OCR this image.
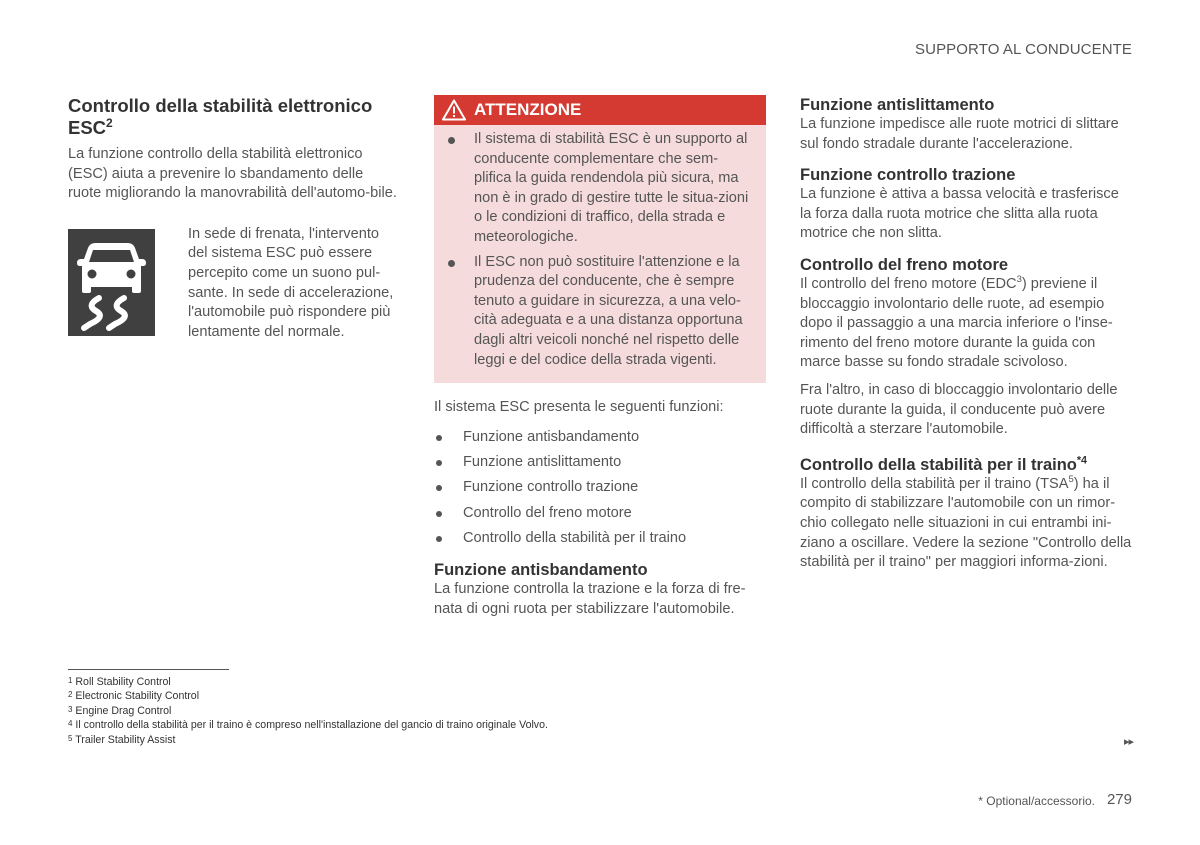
SUPPORTO AL CONDUCENTE
Controllo della stabilità elettronico ESC$^2$

La funzione controllo della stabilità elettronico (ESC) aiuta a prevenire lo sbandamento delle ruote migliorando la manovrabilità dell'automo-bile.

In sede di frenata, l'intervento del sistema ESC può essere percepito come un suono pul-sante. In sede di accelerazione, l'automobile può rispondere più lentamente del normale.

ATTENZIONE
Il sistema di stabilità ESC è un supporto al conducente complementare che sem-plifica la guida rendendola più sicura, ma non è in grado di gestire tutte le situa-zioni o le condizioni di traffico, della strada e meteorologiche.
Il ESC non può sostituire l'attenzione e la prudenza del conducente, che è sempre tenuto a guidare in sicurezza, a una velo-cità adeguata e a una distanza opportuna dagli altri veicoli nonché nel rispetto delle leggi e del codice della strada vigenti.

Il sistema ESC presenta le seguenti funzioni:

Funzione antisbandamento
Funzione antislittamento
Funzione controllo trazione
Controllo del freno motore
Controllo della stabilità per il traino
Funzione antisbandamento

La funzione controlla la trazione e la forza di fre-nata di ogni ruota per stabilizzare l'automobile.

Funzione antislittamento

La funzione impedisce alle ruote motrici di slittare sul fondo stradale durante l'accelerazione.

Funzione controllo trazione

La funzione è attiva a bassa velocità e trasferisce la forza dalla ruota motrice che slitta alla ruota motrice che non slitta.

Controllo del freno motore

Il controllo del freno motore (EDC$^3$) previene il bloccaggio involontario delle ruote, ad esempio dopo il passaggio a una marcia inferiore o l'inse-rimento del freno motore durante la guida con marce basse su fondo stradale scivoloso.

Fra l'altro, in caso di bloccaggio involontario delle ruote durante la guida, il conducente può avere difficoltà a sterzare l'automobile.

Controllo della stabilità per il traino$^{*4}$

Il controllo della stabilità per il traino (TSA$^5$) ha il compito di stabilizzare l'automobile con un rimor-chio collegato nelle situazioni in cui entrambi ini-ziano a oscillare. Vedere la sezione "Controllo della stabilità per il traino" per maggiori informa-zioni.

$^1$ Roll Stability Control
$^2$ Electronic Stability Control
$^3$ Engine Drag Control
$^4$ Il controllo della stabilità per il traino è compreso nell'installazione del gancio di traino originale Volvo.
$^5$ Trailer Stability Assist	▸▸
* Optional/accessorio. 279
